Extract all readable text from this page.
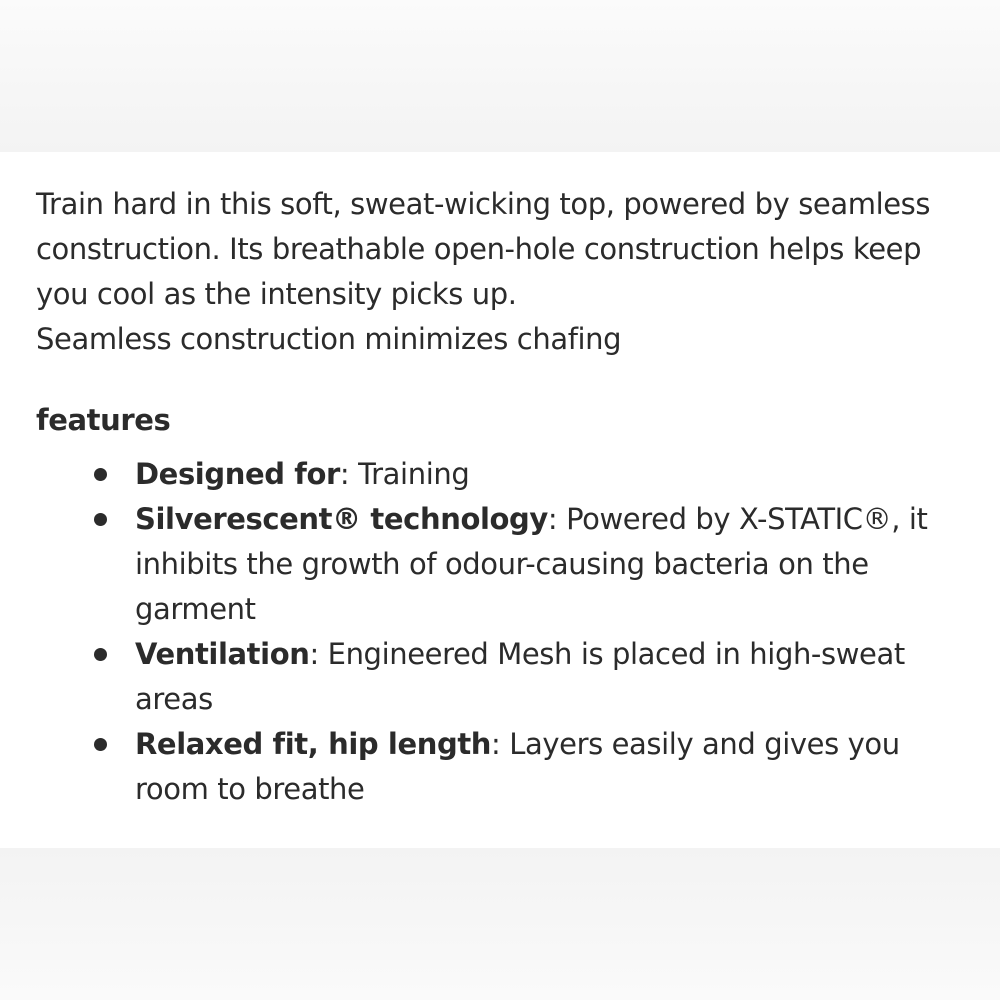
Train hard in this soft, sweat-wicking top, powered by seamless
construction. Its breathable open-hole construction helps keep
you cool as the intensity picks up.
Seamless construction minimizes chafing

features
Designed for: Training
Silverescent® technology: Powered by X-STATIC®, it inhibits the growth of odour-causing bacteria on the garment
Ventilation: Engineered Mesh is placed in high-sweat areas
Relaxed fit, hip length: Layers easily and gives you room to breathe
